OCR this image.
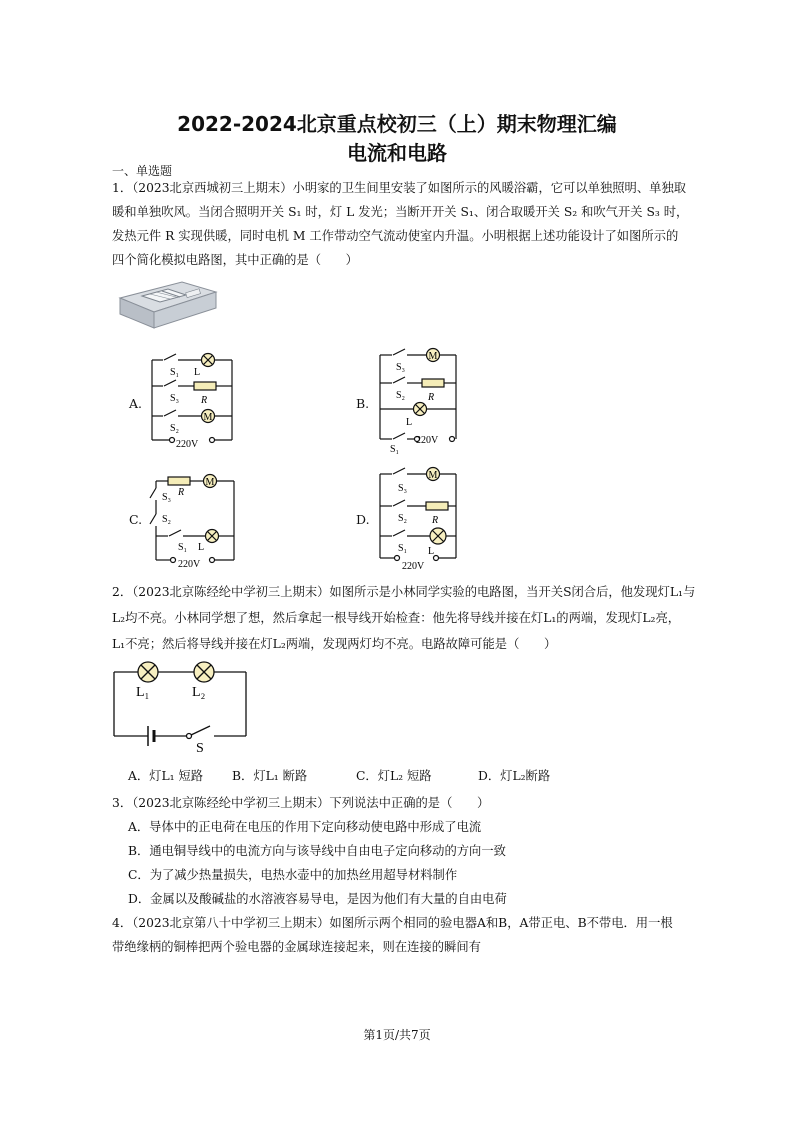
2022-2024北京重点校初三（上）期末物理汇编
电流和电路
一、单选题
1．（2023北京西城初三上期末）小明家的卫生间里安装了如图所示的风暖浴霸，它可以单独照明、单独取
暖和单独吹风。当闭合照明开关 S₁ 时，灯 L 发光；当断开开关 S₁、闭合取暖开关 S₂ 和吹气开关 S₃ 时，
发热元件 R 实现供暖，同时电机 M 工作带动空气流动使室内升温。小明根据上述功能设计了如图所示的
四个简化模拟电路图，其中正确的是（　　）
M
S₁ L
S₃ R
S₂
220V
A.
M
S₃
S₂ R
L
220V
S₁
B.
M
R
S₃
S₂
S₁ L
220V
C.
M
S₃
S₂ R
S₁ L
220V
D.
2．（2023北京陈经纶中学初三上期末）如图所示是小林同学实验的电路图，当开关S闭合后，他发现灯L₁与
L₂均不亮。小林同学想了想，然后拿起一根导线开始检查：他先将导线并接在灯L₁的两端，发现灯L₂亮，
L₁不亮；然后将导线并接在灯L₂两端，发现两灯均不亮。电路故障可能是（　　）
L₁	L₂
S
A．灯L₁ 短路 B．灯L₁ 断路	C．灯L₂ 短路	D．灯L₂断路
3．（2023北京陈经纶中学初三上期末）下列说法中正确的是（　　）
A．导体中的正电荷在电压的作用下定向移动使电路中形成了电流
B．通电铜导线中的电流方向与该导线中自由电子定向移动的方向一致
C．为了减少热量损失，电热水壶中的加热丝用超导材料制作
D．金属以及酸碱盐的水溶液容易导电，是因为他们有大量的自由电荷
4．（2023北京第八十中学初三上期末）如图所示两个相同的验电器A和B，A带正电、B不带电．用一根
带绝缘柄的铜棒把两个验电器的金属球连接起来，则在连接的瞬间有
第1页/共7页
